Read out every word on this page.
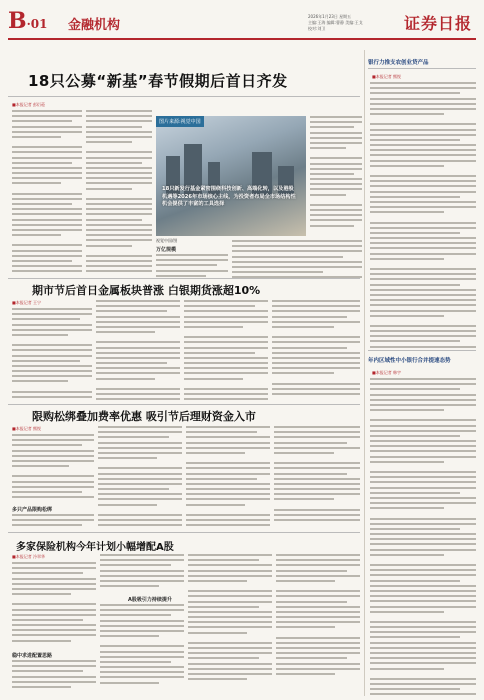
B·01 金融机构
2026年1月23日 星期五
主编:王海 编辑:曹静 美编:王戈
校对:刘卫	证券日报
18只公募“新基”春节假期后首日齐发
■本报记者 彭衍菘
图片来源:视觉中国
18只新发行基金紧密围绕科技创新、高端化转，以及港股机遇等2026年市场核心主线，为投资者布局全市场结构性机会提供了丰富的工具选择
视觉中国/图
万亿规模
期市节后首日金属板块普涨 白银期货涨超10%
■本报记者 王宁
限购松绑叠加费率优惠 吸引节后理财资金入市
■本报记者 熊悦
多只产品限购松绑
多家保险机构今年计划小幅增配A股
■本报记者 冷翠华
稳中求进配置思路
A股吸引力持续提升
银行力推支农创业贷产品
■本报记者 熊悦
年内区域性中小银行合并提速态势
■本报记者 韩宇
